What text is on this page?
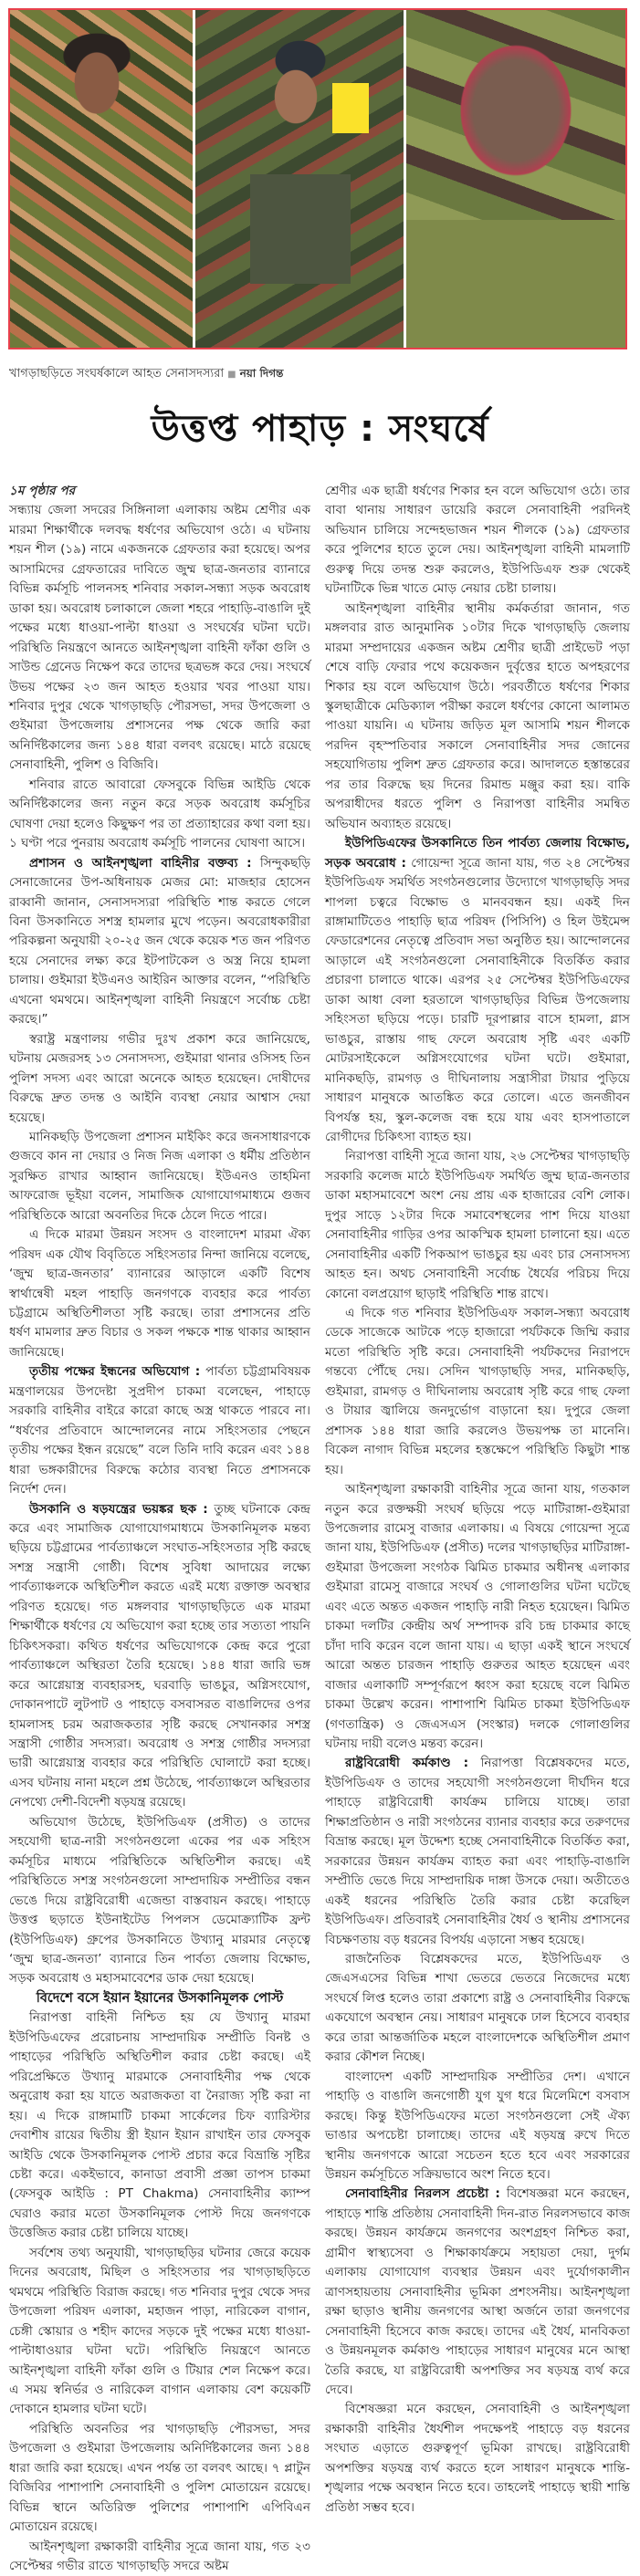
খাগড়াছড়িতে সংঘর্ষকালে আহত সেনাসদস্যরা ■ নয়া দিগন্ত
উত্তপ্ত পাহাড় : সংঘর্ষে
১ম পৃষ্ঠার পর

সন্ধ্যায় জেলা সদরের সিঙ্গিনালা এলাকায় অষ্টম শ্রেণীর এক মারমা শিক্ষার্থীকে দলবদ্ধ ধর্ষণের অভিযোগ ওঠে। এ ঘটনায় শয়ন শীল (১৯) নামে একজনকে গ্রেফতার করা হয়েছে। অপর আসামিদের গ্রেফতারের দাবিতে জুম্ম ছাত্র-জনতার ব্যানারে বিভিন্ন কর্মসূচি পালনসহ শনিবার সকাল-সন্ধ্যা সড়ক অবরোধ ডাকা হয়। অবরোধ চলাকালে জেলা শহরে পাহাড়ি-বাঙালি দুই পক্ষের মধ্যে ধাওয়া-পাল্টা ধাওয়া ও সংঘর্ষের ঘটনা ঘটে। পরিস্থিতি নিয়ন্ত্রণে আনতে আইনশৃঙ্খলা বাহিনী ফাঁকা গুলি ও সাউন্ড গ্রেনেড নিক্ষেপ করে তাদের ছত্রভঙ্গ করে দেয়। সংঘর্ষে উভয় পক্ষের ২৩ জন আহত হওয়ার খবর পাওয়া যায়। শনিবার দুপুর থেকে খাগড়াছড়ি পৌরসভা, সদর উপজেলা ও গুইমারা উপজেলায় প্রশাসনের পক্ষ থেকে জারি করা অনির্দিষ্টকালের জন্য ১৪৪ ধারা বলবৎ রয়েছে। মাঠে রয়েছে সেনাবাহিনী, পুলিশ ও বিজিবি।

শনিবার রাতে আবারো ফেসবুকে বিভিন্ন আইডি থেকে অনির্দিষ্টকালের জন্য নতুন করে সড়ক অবরোধ কর্মসূচির ঘোষণা দেয়া হলেও কিছুক্ষণ পর তা প্রত্যাহারের কথা বলা হয়। ১ ঘণ্টা পরে পুনরায় অবরোধ কর্মসূচি পালনের ঘোষণা আসে।

প্রশাসন ও আইনশৃঙ্খলা বাহিনীর বক্তব্য : সিন্দুকছড়ি সেনাজোনের উপ-অধিনায়ক মেজর মো: মাজহার হোসেন রাব্বানী জানান, সেনাসদস্যরা পরিস্থিতি শান্ত করতে গেলে বিনা উসকানিতে সশস্ত্র হামলার মুখে পড়েন। অবরোধকারীরা পরিকল্পনা অনুযায়ী ২০-২৫ জন থেকে কয়েক শত জন পরিণত হয়ে সেনাদের লক্ষ্য করে ইটপাটকেল ও অস্ত্র নিয়ে হামলা চালায়। গুইমারা ইউএনও আইরিন আক্তার বলেন, “পরিস্থিতি এখনো থমথমে। আইনশৃঙ্খলা বাহিনী নিয়ন্ত্রণে সর্বোচ্চ চেষ্টা করছে।”

স্বরাষ্ট্র মন্ত্রণালয় গভীর দুঃখ প্রকাশ করে জানিয়েছে, ঘটনায় মেজরসহ ১৩ সেনাসদস্য, গুইমারা থানার ওসিসহ তিন পুলিশ সদস্য এবং আরো অনেকে আহত হয়েছেন। দোষীদের বিরুদ্ধে দ্রুত তদন্ত ও আইনি ব্যবস্থা নেয়ার আশ্বাস দেয়া হয়েছে।

মানিকছড়ি উপজেলা প্রশাসন মাইকিং করে জনসাধারণকে গুজবে কান না দেয়ার ও নিজ নিজ এলাকা ও ধর্মীয় প্রতিষ্ঠান সুরক্ষিত রাখার আহ্বান জানিয়েছে। ইউএনও তাহমিনা আফরোজ ভূইয়া বলেন, সামাজিক যোগাযোগমাধ্যমে গুজব পরিস্থিতিকে আরো অবনতির দিকে ঠেলে দিতে পারে।

এ দিকে মারমা উন্নয়ন সংসদ ও বাংলাদেশ মারমা ঐক্য পরিষদ এক যৌথ বিবৃতিতে সহিংসতার নিন্দা জানিয়ে বলেছে, ‘জুম্ম ছাত্র-জনতার’ ব্যানারের আড়ালে একটি বিশেষ স্বার্থান্বেষী মহল পাহাড়ি জনগণকে ব্যবহার করে পার্বত্য চট্টগ্রামে অস্থিতিশীলতা সৃষ্টি করছে। তারা প্রশাসনের প্রতি ধর্ষণ মামলার দ্রুত বিচার ও সকল পক্ষকে শান্ত থাকার আহ্বান জানিয়েছে।

তৃতীয় পক্ষের ইন্ধনের অভিযোগ : পার্বত্য চট্টগ্রামবিষয়ক মন্ত্রণালয়ের উপদেষ্টা সুপ্রদীপ চাকমা বলেছেন, পাহাড়ে সরকারি বাহিনীর বাইরে কারো কাছে অস্ত্র থাকতে পারবে না। “ধর্ষণের প্রতিবাদে আন্দোলনের নামে সহিংসতার পেছনে তৃতীয় পক্ষের ইন্ধন রয়েছে” বলে তিনি দাবি করেন এবং ১৪৪ ধারা ভঙ্গকারীদের বিরুদ্ধে কঠোর ব্যবস্থা নিতে প্রশাসনকে নির্দেশ দেন।

উসকানি ও ষড়যন্ত্রের ভয়ঙ্কর ছক : তুচ্ছ ঘটনাকে কেন্দ্র করে এবং সামাজিক যোগাযোগমাধ্যমে উসকানিমূলক মন্তব্য ছড়িয়ে চট্টগ্রামের পার্বত্যাঞ্চলে সংঘাত-সহিংসতার সৃষ্টি করছে সশস্ত্র সন্ত্রাসী গোষ্ঠী। বিশেষ সুবিধা আদায়ের লক্ষ্যে পার্বত্যাঞ্চলকে অস্থিতিশীল করতে এরই মধ্যে রক্তাক্ত অবস্থার পরিণত হয়েছে। গত মঙ্গলবার খাগড়াছড়িতে এক মারমা শিক্ষার্থীকে ধর্ষণের যে অভিযোগ করা হচ্ছে তার সত্যতা পায়নি চিকিৎসকরা। কথিত ধর্ষণের অভিযোগকে কেন্দ্র করে পুরো পার্বত্যাঞ্চলে অস্থিরতা তৈরি হয়েছে। ১৪৪ ধারা জারি ভঙ্গ করে আগ্নেয়াস্ত্র ব্যবহারসহ, ঘরবাড়ি ভাঙচুর, অগ্নিসংযোগ, দোকানপাটে লুটপাট ও পাহাড়ে বসবাসরত বাঙালিদের ওপর হামলাসহ চরম অরাজকতার সৃষ্টি করছে সেখানকার সশস্ত্র সন্ত্রাসী গোষ্ঠীর সদস্যরা। অবরোধ ও সশস্ত্র গোষ্ঠীর সদস্যরা ভারী আগ্নেয়াস্ত্র ব্যবহার করে পরিস্থিতি ঘোলাটে করা হচ্ছে। এসব ঘটনায় নানা মহলে প্রশ্ন উঠেছে, পার্বত্যাঞ্চলে অস্থিরতার নেপথ্যে দেশী-বিদেশী ষড়যন্ত্র রয়েছে।

অভিযোগ উঠেছে, ইউপিডিএফ (প্রসীত) ও তাদের সহযোগী ছাত্র-নারী সংগঠনগুলো একের পর এক সহিংস কর্মসূচির মাধ্যমে পরিস্থিতিকে অস্থিতিশীল করছে। এই পরিস্থিতিতে সশস্ত্র সংগঠনগুলো সাম্প্রদায়িক সম্প্রীতির বন্ধন ভেঙে দিয়ে রাষ্ট্রবিরোধী এজেন্ডা বাস্তবায়ন করছে। পাহাড়ে উত্তপ্ত ছড়াতে ইউনাইটেড পিপলস ডেমোক্র্যাটিক ফ্রন্ট (ইউপিডিএফ) গ্রুপের উসকানিতে উখ্যানু মারমার নেতৃত্বে ‘জুম্ম ছাত্র-জনতা’ ব্যানারে তিন পার্বত্য জেলায় বিক্ষোভ, সড়ক অবরোধ ও মহাসমাবেশের ডাক দেয়া হয়েছে।

বিদেশে বসে ইয়ান ইয়ানের উসকানিমূলক পোস্ট

নিরাপত্তা বাহিনী নিশ্চিত হয় যে উখ্যানু মারমা ইউপিডিএফের প্ররোচনায় সাম্প্রদায়িক সম্প্রীতি বিনষ্ট ও পাহাড়ের পরিস্থিতি অস্থিতিশীল করার চেষ্টা করছে। এই পরিপ্রেক্ষিতে উখ্যানু মারমাকে সেনাবাহিনীর পক্ষ থেকে অনুরোধ করা হয় যাতে অরাজকতা বা নৈরাজ্য সৃষ্টি করা না হয়। এ দিকে রাঙ্গামাটি চাকমা সার্কেলের চিফ ব্যারিস্টার দেবাশীষ রায়ের দ্বিতীয় স্ত্রী ইয়ান ইয়ান রাখাইন তার ফেসবুক আইডি থেকে উসকানিমূলক পোস্ট প্রচার করে বিভ্রান্তি সৃষ্টির চেষ্টা করে। একইভাবে, কানাডা প্রবাসী প্রজ্ঞা তাপস চাকমা (ফেসবুক আইডি : PT Chakma) সেনাবাহিনীর ক্যাম্প ঘেরাও করার মতো উসকানিমূলক পোস্ট দিয়ে জনগণকে উত্তেজিত করার চেষ্টা চালিয়ে যাচ্ছে।

সর্বশেষ তথ্য অনুযায়ী, খাগড়াছড়ির ঘটনার জেরে কয়েক দিনের অবরোধ, মিছিল ও সহিংসতার পর খাগড়াছড়িতে থমথমে পরিস্থিতি বিরাজ করছে। গত শনিবার দুপুর থেকে সদর উপজেলা পরিষদ এলাকা, মহাজন পাড়া, নারিকেল বাগান, চেঙ্গী স্কোয়ার ও শহীদ কাদের সড়কে দুই পক্ষের মধ্যে ধাওয়া-পাল্টাধাওয়ার ঘটনা ঘটে। পরিস্থিতি নিয়ন্ত্রণে আনতে আইনশৃঙ্খলা বাহিনী ফাঁকা গুলি ও টিয়ার শেল নিক্ষেপ করে। এ সময় স্বনির্ভর ও নারিকেল বাগান এলাকায় বেশ কয়েকটি দোকানে হামলার ঘটনা ঘটে।

পরিস্থিতি অবনতির পর খাগড়াছড়ি পৌরসভা, সদর উপজেলা ও গুইমারা উপজেলায় অনির্দিষ্টকালের জন্য ১৪৪ ধারা জারি করা হয়েছে। এখন পর্যন্ত তা বলবৎ আছে। ৭ প্লাটুন বিজিবির পাশাপাশি সেনাবাহিনী ও পুলিশ মোতায়েন রয়েছে। বিভিন্ন স্থানে অতিরিক্ত পুলিশের পাশাপাশি এপিবিএন মোতায়েন রয়েছে।

আইনশৃঙ্খলা রক্ষাকারী বাহিনীর সূত্রে জানা যায়, গত ২৩ সেপ্টেম্বর গভীর রাতে খাগড়াছড়ি সদরে অষ্টম

শ্রেণীর এক ছাত্রী ধর্ষণের শিকার হন বলে অভিযোগ ওঠে। তার বাবা থানায় সাধারণ ডায়েরি করলে সেনাবাহিনী পরদিনই অভিযান চালিয়ে সন্দেহভাজন শয়ন শীলকে (১৯) গ্রেফতার করে পুলিশের হাতে তুলে দেয়। আইনশৃঙ্খলা বাহিনী মামলাটি গুরুত্ব দিয়ে তদন্ত শুরু করলেও, ইউপিডিএফ শুরু থেকেই ঘটনাটিকে ভিন্ন খাতে মোড় নেয়ার চেষ্টা চালায়।

আইনশৃঙ্খলা বাহিনীর স্থানীয় কর্মকর্তারা জানান, গত মঙ্গলবার রাত আনুমানিক ১০টার দিকে খাগড়াছড়ি জেলায় মারমা সম্প্রদায়ের একজন অষ্টম শ্রেণীর ছাত্রী প্রাইভেট পড়া শেষে বাড়ি ফেরার পথে কয়েকজন দুর্বৃত্তের হাতে অপহরণের শিকার হয় বলে অভিযোগ উঠে। পরবর্তীতে ধর্ষণের শিকার স্কুলছাত্রীকে মেডিক্যাল পরীক্ষা করলে ধর্ষণের কোনো আলামত পাওয়া যায়নি। এ ঘটনায় জড়িত মূল আসামি শয়ন শীলকে পরদিন বৃহস্পতিবার সকালে সেনাবাহিনীর সদর জোনের সহযোগিতায় পুলিশ দ্রুত গ্রেফতার করে। আদালতে হস্তান্তরের পর তার বিরুদ্ধে ছয় দিনের রিমান্ড মঞ্জুর করা হয়। বাকি অপরাধীদের ধরতে পুলিশ ও নিরাপত্তা বাহিনীর সমন্বিত অভিযান অব্যাহত রয়েছে।

ইউপিডিএফের উসকানিতে তিন পার্বত্য জেলায় বিক্ষোভ, সড়ক অবরোধ : গোয়েন্দা সূত্রে জানা যায়, গত ২৪ সেপ্টেম্বর ইউপিডিএফ সমর্থিত সংগঠনগুলোর উদ্যোগে খাগড়াছড়ি সদর শাপলা চত্বরে বিক্ষোভ ও মানববন্ধন হয়। একই দিন রাঙ্গামাটিতেও পাহাড়ি ছাত্র পরিষদ (পিসিপি) ও হিল উইমেন্স ফেডারেশনের নেতৃত্বে প্রতিবাদ সভা অনুষ্ঠিত হয়। আন্দোলনের আড়ালে এই সংগঠনগুলো সেনাবাহিনীকে বিতর্কিত করার প্রচারণা চালাতে থাকে। এরপর ২৫ সেপ্টেম্বর ইউপিডিএফের ডাকা আধা বেলা হরতালে খাগড়াছড়ির বিভিন্ন উপজেলায় সহিংসতা ছড়িয়ে পড়ে। চারটি দূরপাল্লার বাসে হামলা, গ্লাস ভাঙচুর, রাস্তায় গাছ ফেলে অবরোধ সৃষ্টি এবং একটি মোটরসাইকেলে অগ্নিসংযোগের ঘটনা ঘটে। গুইমারা, মানিকছড়ি, রামগড় ও দীঘিনালায় সন্ত্রাসীরা টায়ার পুড়িয়ে সাধারণ মানুষকে আতঙ্কিত করে তোলে। এতে জনজীবন বিপর্যস্ত হয়, স্কুল-কলেজ বন্ধ হয়ে যায় এবং হাসপাতালে রোগীদের চিকিৎসা ব্যাহত হয়।

নিরাপত্তা বাহিনী সূত্রে জানা যায়, ২৬ সেপ্টেম্বর খাগড়াছড়ি সরকারি কলেজ মাঠে ইউপিডিএফ সমর্থিত জুম্ম ছাত্র-জনতার ডাকা মহাসমাবেশে অংশ নেয় প্রায় এক হাজারের বেশি লোক। দুপুর সাড়ে ১২টার দিকে সমাবেশস্থলের পাশ দিয়ে যাওয়া সেনাবাহিনীর গাড়ির ওপর আকস্মিক হামলা চালানো হয়। এতে সেনাবাহিনীর একটি পিকআপ ভাঙচুর হয় এবং চার সেনাসদস্য আহত হন। অথচ সেনাবাহিনী সর্বোচ্চ ধৈর্যের পরিচয় দিয়ে কোনো বলপ্রয়োগ ছাড়াই পরিস্থিতি শান্ত রাখে।

এ দিকে গত শনিবার ইউপিডিএফ সকাল-সন্ধ্যা অবরোধ ডেকে সাজেকে আটকে পড়ে হাজারো পর্যটককে জিম্মি করার মতো পরিস্থিতি সৃষ্টি করে। সেনাবাহিনী পর্যটকদের নিরাপদে গন্তব্যে পৌঁছে দেয়। সেদিন খাগড়াছড়ি সদর, মানিকছড়ি, গুইমারা, রামগড় ও দীঘিনালায় অবরোধ সৃষ্টি করে গাছ ফেলা ও টায়ার জ্বালিয়ে জনদুর্ভোগ বাড়ানো হয়। দুপুরে জেলা প্রশাসক ১৪৪ ধারা জারি করলেও উভয়পক্ষ তা মানেনি। বিকেল নাগাদ বিভিন্ন মহলের হস্তক্ষেপে পরিস্থিতি কিছুটা শান্ত হয়।

আইনশৃঙ্খলা রক্ষাকারী বাহিনীর সূত্রে জানা যায়, গতকাল নতুন করে রক্তক্ষয়ী সংঘর্ষ ছড়িয়ে পড়ে মাটিরাঙ্গা-গুইমারা উপজেলার রামেসু বাজার এলাকায়। এ বিষয়ে গোয়েন্দা সূত্রে জানা যায়, ইউপিডিএফ (প্রসীত) দলের খাগড়াছড়ির মাটিরাঙ্গা-গুইমারা উপজেলা সংগঠক ঝিমিত চাকমার অধীনস্থ এলাকার গুইমারা রামেসু বাজারে সংঘর্ষ ও গোলাগুলির ঘটনা ঘটেছে এবং এতে অন্তত একজন পাহাড়ি নারী নিহত হয়েছেন। ঝিমিত চাকমা দলটির কেন্দ্রীয় অর্থ সম্পাদক রবি চন্দ্র চাকমার কাছে চাঁদা দাবি করেন বলে জানা যায়। এ ছাড়া একই স্থানে সংঘর্ষে আরো অন্তত চারজন পাহাড়ি গুরুতর আহত হয়েছেন এবং বাজার এলাকাটি সম্পূর্ণরূপে ধ্বংস করা হয়েছে বলে ঝিমিত চাকমা উল্লেখ করেন। পাশাপাশি ঝিমিত চাকমা ইউপিডিএফ (গণতান্ত্রিক) ও জেএসএস (সংস্কার) দলকে গোলাগুলির ঘটনায় দায়ী বলেও মন্তব্য করেন।

রাষ্ট্রবিরোধী কর্মকাণ্ড : নিরাপত্তা বিশ্লেষকদের মতে, ইউপিডিএফ ও তাদের সহযোগী সংগঠনগুলো দীর্ঘদিন ধরে পাহাড়ে রাষ্ট্রবিরোধী কার্যক্রম চালিয়ে যাচ্ছে। তারা শিক্ষাপ্রতিষ্ঠান ও নারী সংগঠনের ব্যানার ব্যবহার করে তরুণদের বিভ্রান্ত করছে। মূল উদ্দেশ্য হচ্ছে সেনাবাহিনীকে বিতর্কিত করা, সরকারের উন্নয়ন কার্যক্রম ব্যাহত করা এবং পাহাড়ি-বাঙালি সম্প্রীতি ভেঙে দিয়ে সাম্প্রদায়িক দাঙ্গা উসকে দেয়া। অতীতেও একই ধরনের পরিস্থিতি তৈরি করার চেষ্টা করেছিল ইউপিডিএফ। প্রতিবারই সেনাবাহিনীর ধৈর্য ও স্থানীয় প্রশাসনের বিচক্ষণতায় বড় ধরনের বিপর্যয় এড়ানো সম্ভব হয়েছে।

রাজনৈতিক বিশ্লেষকদের মতে, ইউপিডিএফ ও জেএসএসের বিভিন্ন শাখা ভেতরে ভেতরে নিজেদের মধ্যে সংঘর্ষে লিপ্ত হলেও তারা প্রকাশ্যে রাষ্ট্র ও সেনাবাহিনীর বিরুদ্ধে একযোগে অবস্থান নেয়। সাধারণ মানুষকে ঢাল হিসেবে ব্যবহার করে তারা আন্তর্জাতিক মহলে বাংলাদেশকে অস্থিতিশীল প্রমাণ করার কৌশল নিচ্ছে।

বাংলাদেশ একটি সাম্প্রদায়িক সম্প্রীতির দেশ। এখানে পাহাড়ি ও বাঙালি জনগোষ্ঠী যুগ যুগ ধরে মিলেমিশে বসবাস করছে। কিন্তু ইউপিডিএফের মতো সংগঠনগুলো সেই ঐক্য ভাঙার অপচেষ্টা চালাচ্ছে। তাদের এই ষড়যন্ত্র রুখে দিতে স্থানীয় জনগণকে আরো সচেতন হতে হবে এবং সরকারের উন্নয়ন কর্মসূচিতে সক্রিয়ভাবে অংশ নিতে হবে।

সেনাবাহিনীর নিরলস প্রচেষ্টা : বিশেষজ্ঞরা মনে করছেন, পাহাড়ে শান্তি প্রতিষ্ঠায় সেনাবাহিনী দিন-রাত নিরলসভাবে কাজ করছে। উন্নয়ন কার্যক্রমে জনগণের অংশগ্রহণ নিশ্চিত করা, গ্রামীণ স্বাস্থ্যসেবা ও শিক্ষাকার্যক্রমে সহায়তা দেয়া, দুর্গম এলাকায় যোগাযোগ ব্যবস্থার উন্নয়ন এবং দুর্যোগকালীন ত্রাণসহায়তায় সেনাবাহিনীর ভূমিকা প্রশংসনীয়। আইনশৃঙ্খলা রক্ষা ছাড়াও স্থানীয় জনগণের আস্থা অর্জনে তারা জনগণের সেনাবাহিনী হিসেবে কাজ করছে। তাদের এই ধৈর্য, মানবিকতা ও উন্নয়নমূলক কর্মকাণ্ড পাহাড়ের সাধারণ মানুষের মনে আস্থা তৈরি করছে, যা রাষ্ট্রবিরোধী অপশক্তির সব ষড়যন্ত্র ব্যর্থ করে দেবে।

বিশেষজ্ঞরা মনে করছেন, সেনাবাহিনী ও আইনশৃঙ্খলা রক্ষাকারী বাহিনীর ধৈর্যশীল পদক্ষেপই পাহাড়ে বড় ধরনের সংঘাত এড়াতে গুরুত্বপূর্ণ ভূমিকা রাখছে। রাষ্ট্রবিরোধী অপশক্তির ষড়যন্ত্র ব্যর্থ করতে হলে সাধারণ মানুষকে শান্তি-শৃঙ্খলার পক্ষে অবস্থান নিতে হবে। তাহলেই পাহাড়ে স্থায়ী শান্তি প্রতিষ্ঠা সম্ভব হবে।
